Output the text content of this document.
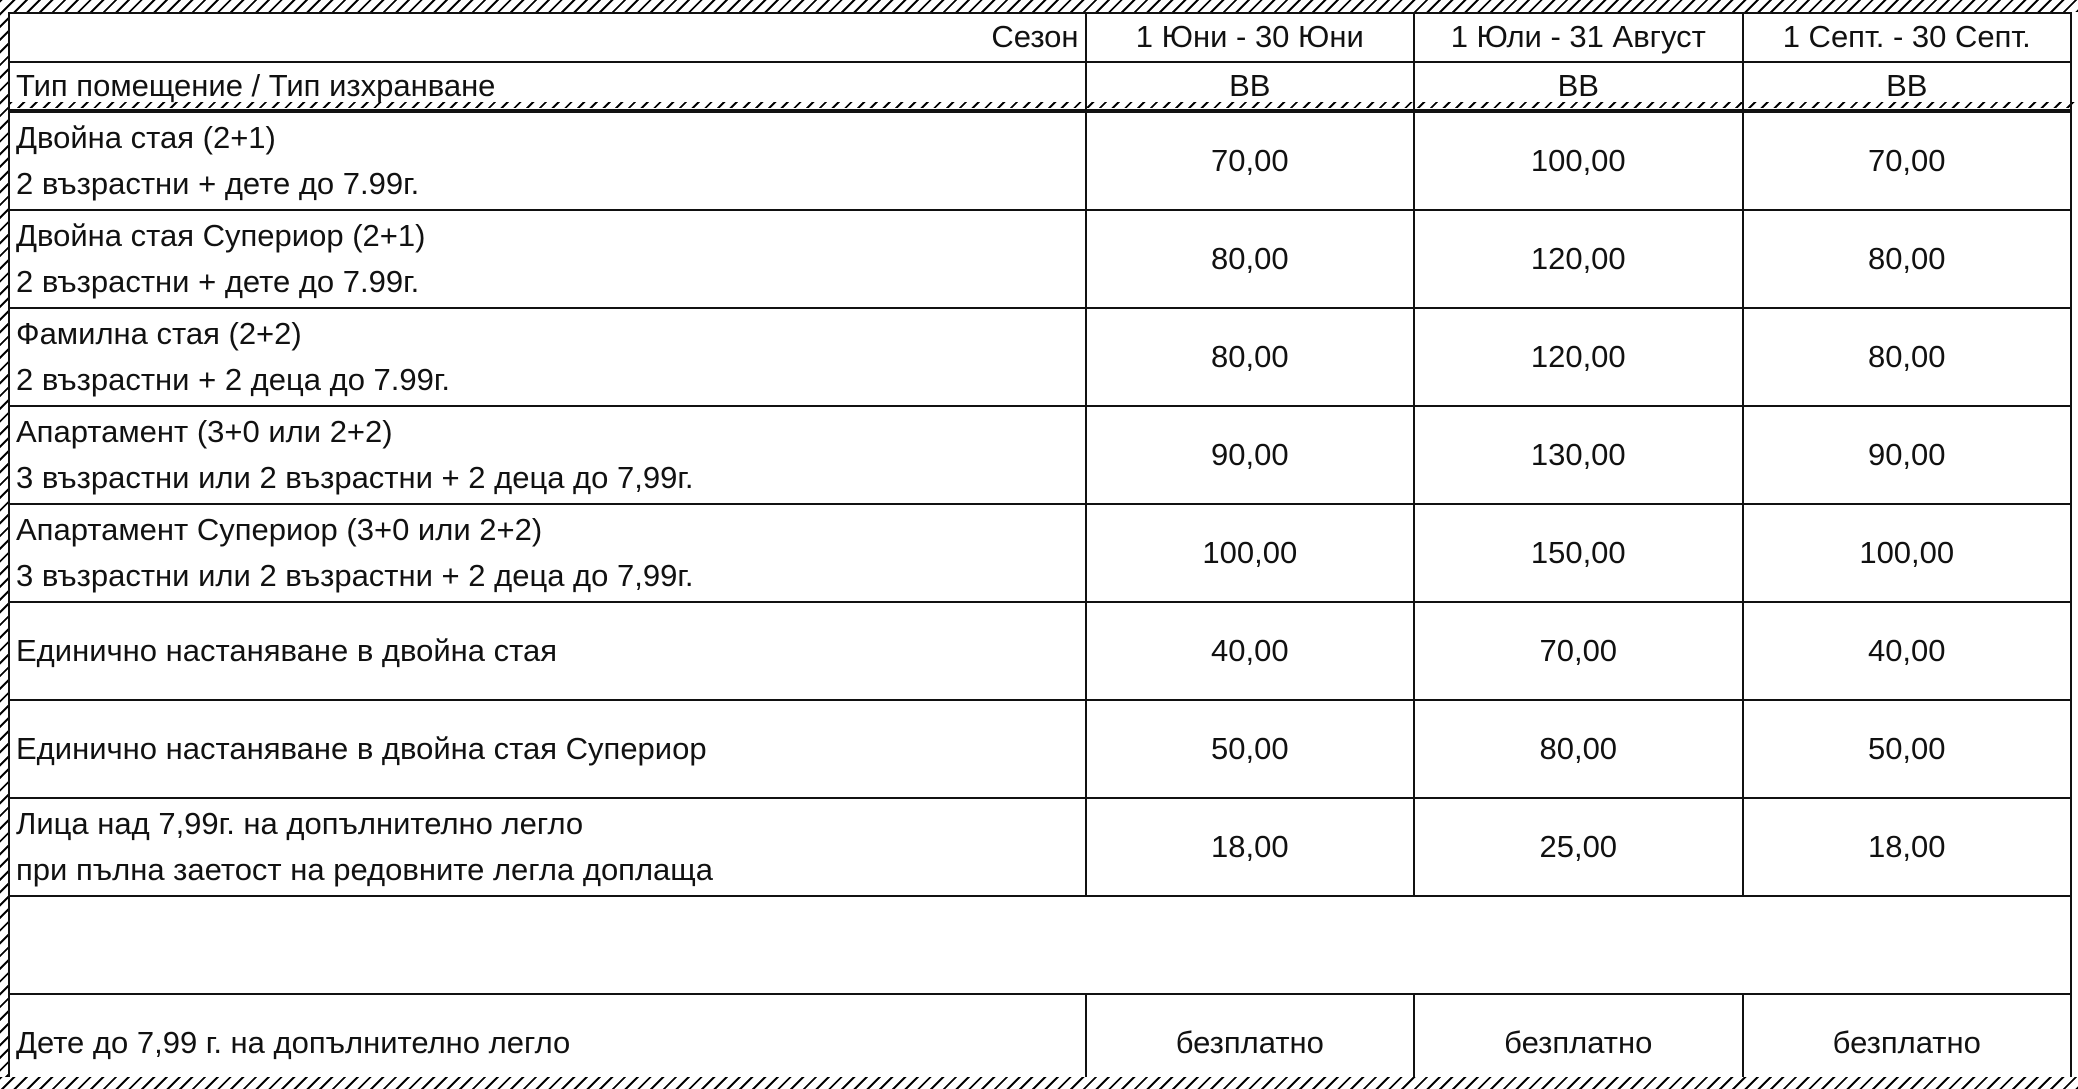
Сезон	1 Юни - 30 Юни	1 Юли - 31 Август	1 Септ. - 30 Септ.
Тип помещение / Тип изхранване	BB	BB	BB

Двойна стая (2+1)
2 възрастни + дете до 7.99г.	70,00	100,00	70,00

Двойна стая Супериор (2+1)
2 възрастни + дете до 7.99г.	80,00	120,00	80,00

Фамилна стая (2+2)
2 възрастни + 2 деца до 7.99г.	80,00	120,00	80,00

Апартамент (3+0 или 2+2)
3 възрастни или 2 възрастни + 2 деца до 7,99г.	90,00	130,00	90,00

Апартамент Супериор (3+0 или 2+2)
3 възрастни или 2 възрастни + 2 деца до 7,99г.	100,00	150,00	100,00
Единично настаняване в двойна стая	40,00	70,00	40,00
Единично настаняване в двойна стая Супериор	50,00	80,00	50,00

Лица над 7,99г. на допълнително легло
при пълна заетост на редовните легла доплаща	18,00	25,00	18,00

Дете до 7,99 г. на допълнително легло	безплатно	безплатно	безплатно
